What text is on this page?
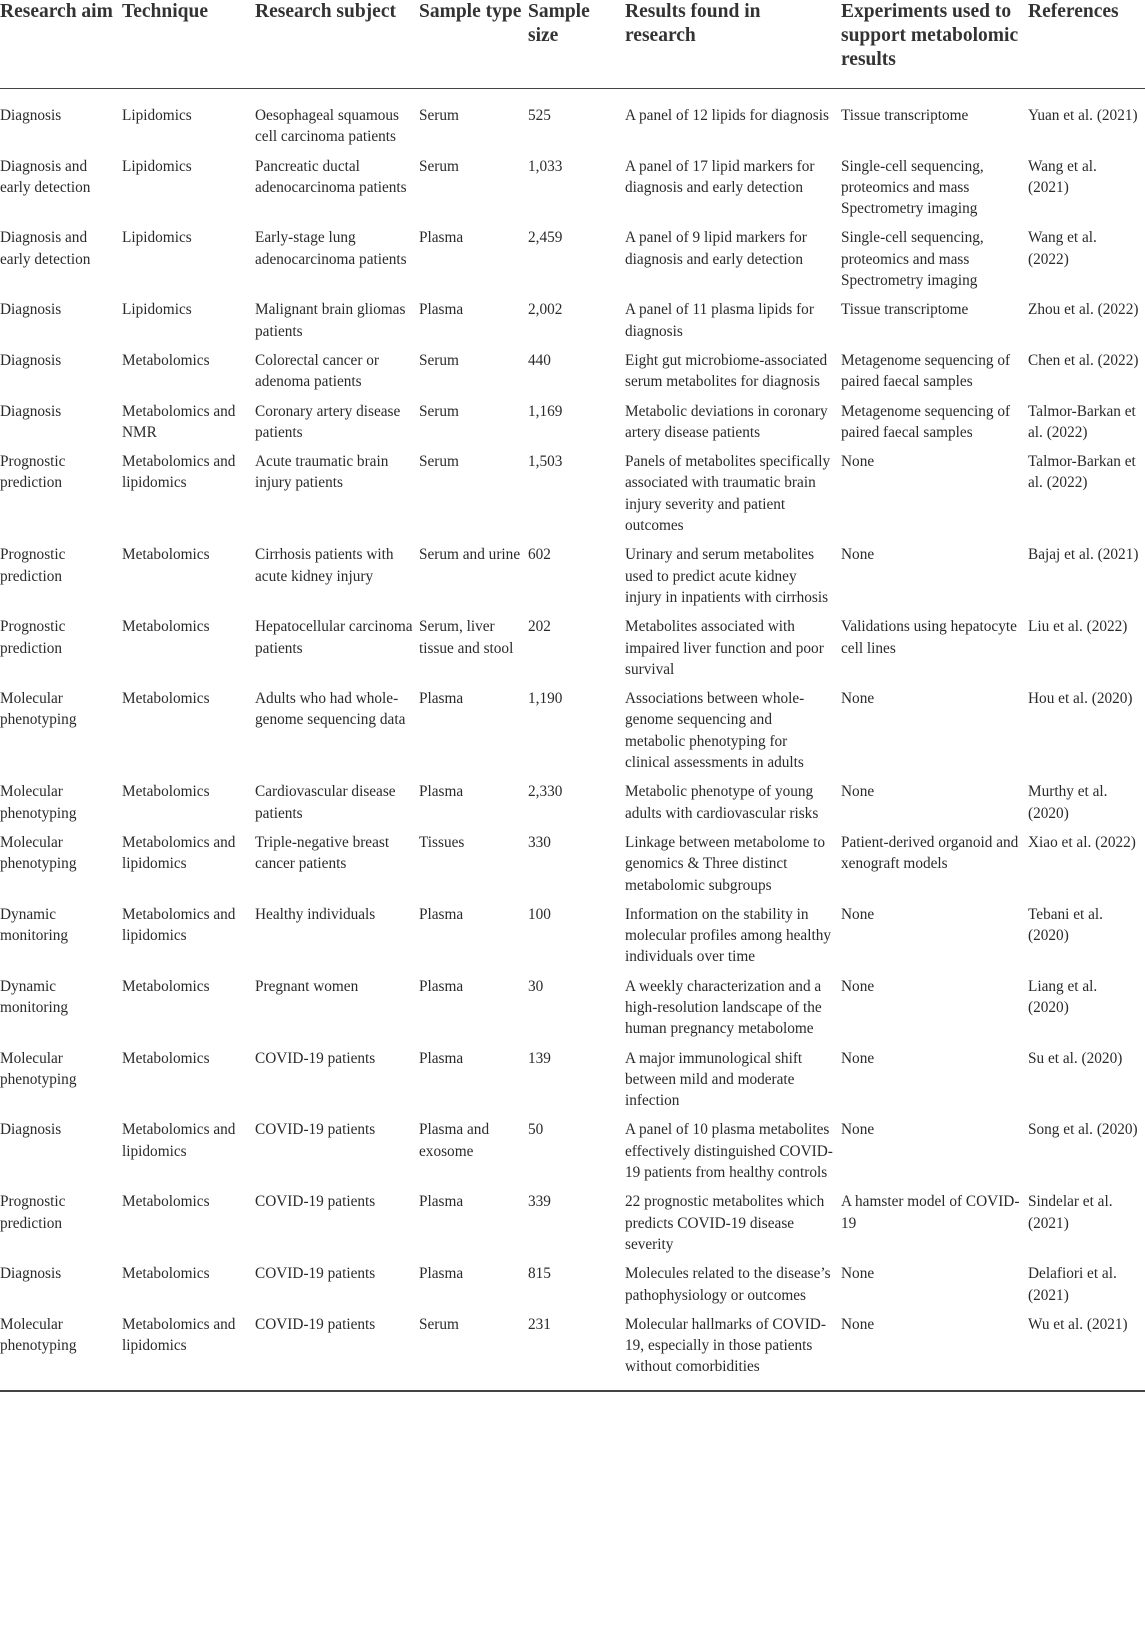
Research aim	Technique	Research subject	Sample type	Sample size	Results found in research	Experiments used to support metabolomic results	References
Diagnosis	Lipidomics	Oesophageal squamous cell carcinoma patients	Serum	525	A panel of 12 lipids for diagnosis	Tissue transcriptome	Yuan et al. (2021)
Diagnosis and early detection	Lipidomics	Pancreatic ductal adenocarcinoma patients	Serum	1,033	A panel of 17 lipid markers for diagnosis and early detection	Single-cell sequencing, proteomics and mass Spectrometry imaging	Wang et al. (2021)
Diagnosis and early detection	Lipidomics	Early-stage lung adenocarcinoma patients	Plasma	2,459	A panel of 9 lipid markers for diagnosis and early detection	Single-cell sequencing, proteomics and mass Spectrometry imaging	Wang et al. (2022)
Diagnosis	Lipidomics	Malignant brain gliomas patients	Plasma	2,002	A panel of 11 plasma lipids for diagnosis	Tissue transcriptome	Zhou et al. (2022)
Diagnosis	Metabolomics	Colorectal cancer or adenoma patients	Serum	440	Eight gut microbiome-associated serum metabolites for diagnosis	Metagenome sequencing of paired faecal samples	Chen et al. (2022)
Diagnosis	Metabolomics and NMR	Coronary artery disease patients	Serum	1,169	Metabolic deviations in coronary artery disease patients	Metagenome sequencing of paired faecal samples	Talmor-Barkan et al. (2022)
Prognostic prediction	Metabolomics and lipidomics	Acute traumatic brain injury patients	Serum	1,503	Panels of metabolites specifically associated with traumatic brain injury severity and patient outcomes	None	Talmor-Barkan et al. (2022)
Prognostic prediction	Metabolomics	Cirrhosis patients with acute kidney injury	Serum and urine	602	Urinary and serum metabolites used to predict acute kidney injury in inpatients with cirrhosis	None	Bajaj et al. (2021)
Prognostic prediction	Metabolomics	Hepatocellular carcinoma patients	Serum, liver tissue and stool	202	Metabolites associated with impaired liver function and poor survival	Validations using hepatocyte cell lines	Liu et al. (2022)
Molecular phenotyping	Metabolomics	Adults who had whole-genome sequencing data	Plasma	1,190	Associations between whole-genome sequencing and metabolic phenotyping for clinical assessments in adults	None	Hou et al. (2020)
Molecular phenotyping	Metabolomics	Cardiovascular disease patients	Plasma	2,330	Metabolic phenotype of young adults with cardiovascular risks	None	Murthy et al. (2020)
Molecular phenotyping	Metabolomics and lipidomics	Triple-negative breast cancer patients	Tissues	330	Linkage between metabolome to genomics & Three distinct metabolomic subgroups	Patient-derived organoid and xenograft models	Xiao et al. (2022)
Dynamic monitoring	Metabolomics and lipidomics	Healthy individuals	Plasma	100	Information on the stability in molecular profiles among healthy individuals over time	None	Tebani et al. (2020)
Dynamic monitoring	Metabolomics	Pregnant women	Plasma	30	A weekly characterization and a high-resolution landscape of the human pregnancy metabolome	None	Liang et al. (2020)
Molecular phenotyping	Metabolomics	COVID-19 patients	Plasma	139	A major immunological shift between mild and moderate infection	None	Su et al. (2020)
Diagnosis	Metabolomics and lipidomics	COVID-19 patients	Plasma and exosome	50	A panel of 10 plasma metabolites effectively distinguished COVID-19 patients from healthy controls	None	Song et al. (2020)
Prognostic prediction	Metabolomics	COVID-19 patients	Plasma	339	22 prognostic metabolites which predicts COVID-19 disease severity	A hamster model of COVID-19	Sindelar et al. (2021)
Diagnosis	Metabolomics	COVID-19 patients	Plasma	815	Molecules related to the disease’s pathophysiology or outcomes	None	Delafiori et al. (2021)
Molecular phenotyping	Metabolomics and lipidomics	COVID-19 patients	Serum	231	Molecular hallmarks of COVID-19, especially in those patients without comorbidities	None	Wu et al. (2021)
